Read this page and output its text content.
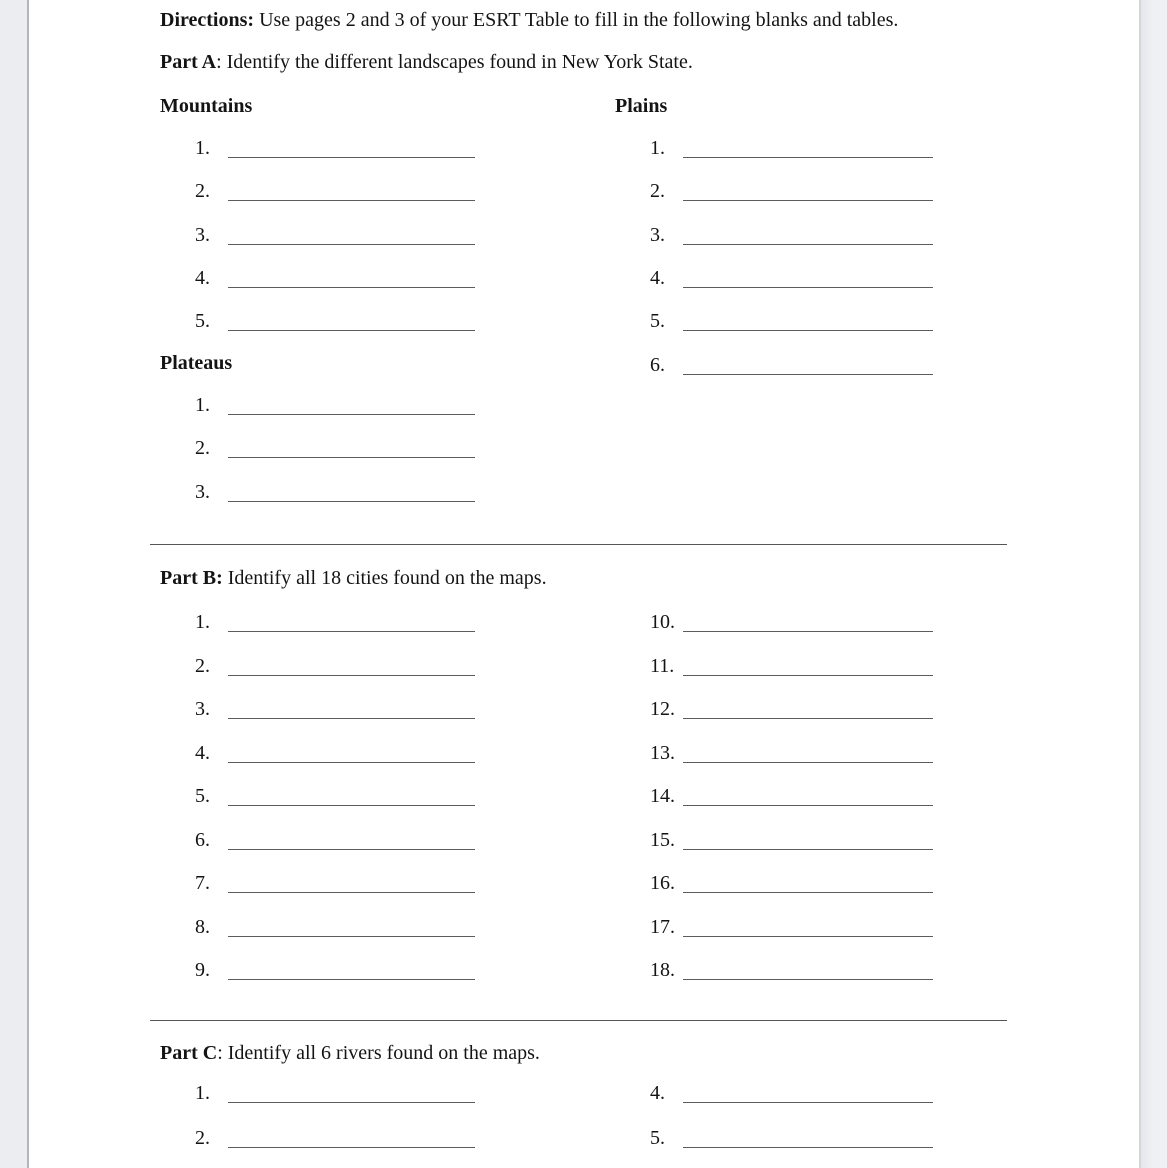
Directions: Use pages 2 and 3 of your ESRT Table to fill in the following blanks and tables.
Part A: Identify the different landscapes found in New York State.
Mountains	Plains
1.
2.
3.
4.
5.
1.
2.
3.
4.
5.
6.
Plateaus
1.
2.
3.
Part B: Identify all 18 cities found on the maps.
1.
2.
3.
4.
5.
6.
7.
8.
9.
10.
11.
12.
13.
14.
15.
16.
17.
18.
Part C: Identify all 6 rivers found on the maps.
1.
2.
4.
5.
